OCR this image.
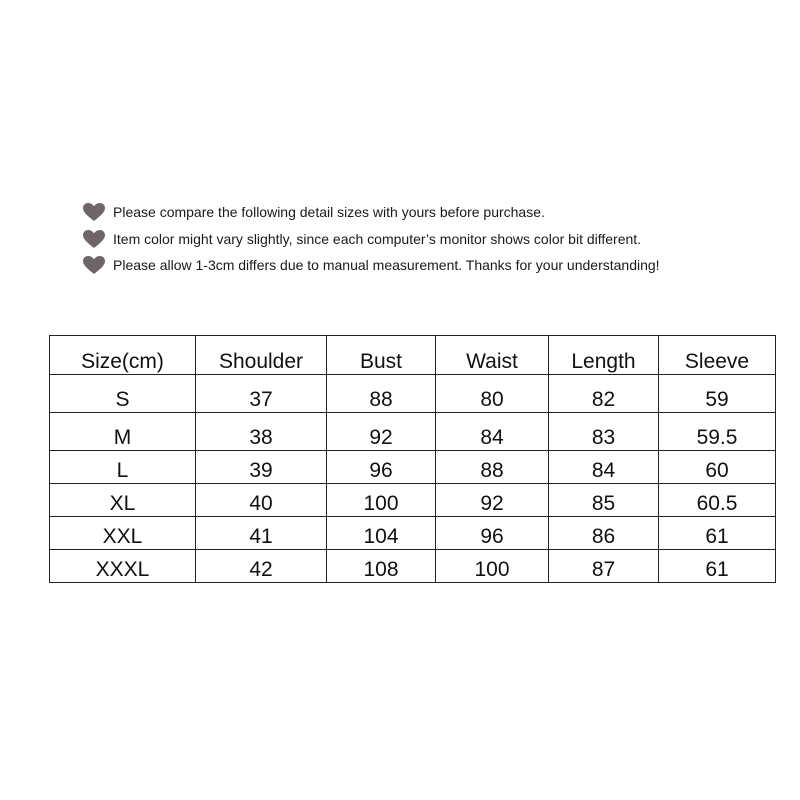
Please compare the following detail sizes with yours before purchase.
Item color might vary slightly, since each computer’s monitor shows color bit different.
Please allow 1-3cm differs due to manual measurement. Thanks for your understanding!
Size(cm)	Shoulder	Bust	Waist	Length	Sleeve
S	37	88	80	82	59
M	38	92	84	83	59.5
L	39	96	88	84	60
XL	40	100	92	85	60.5
XXL	41	104	96	86	61
XXXL	42	108	100	87	61
